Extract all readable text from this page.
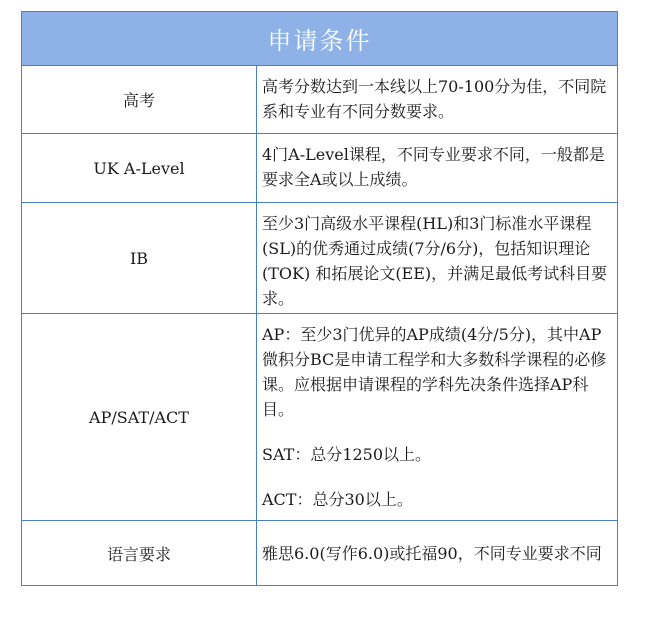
申请条件
高考
高考分数达到一本线以上70-100分为佳，不同院系和专业有不同分数要求。
UK A-Level
4门A-Level课程，不同专业要求不同，一般都是要求全A或以上成绩。
IB
至少3门高级水平课程(HL)和3门标准水平课程(SL)的优秀通过成绩(7分/6分)，包括知识理论(TOK) 和拓展论文(EE)，并满足最低考试科目要求。
AP/SAT/ACT
AP：至少3门优异的AP成绩(4分/5分)，其中AP微积分BC是申请工程学和大多数科学课程的必修课。应根据申请课程的学科先决条件选择AP科目。
SAT：总分1250以上。
ACT：总分30以上。
语言要求	雅思6.0(写作6.0)或托福90，不同专业要求不同
